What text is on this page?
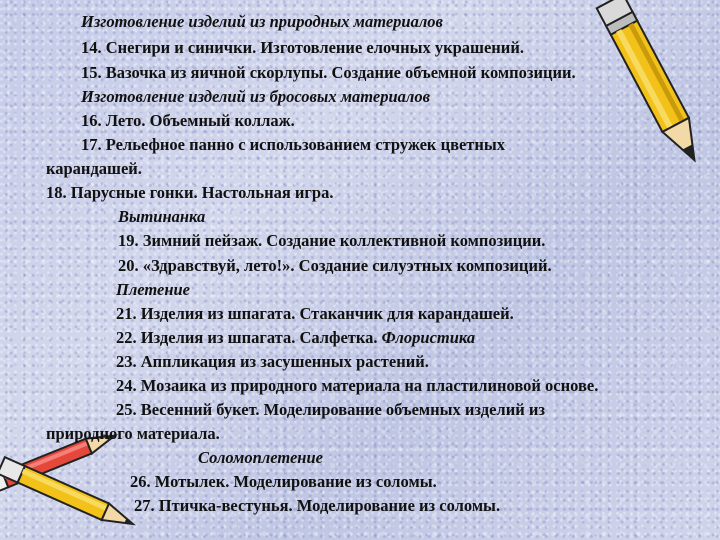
Изготовление изделий из природных материалов

14. Снегири и синички. Изготовление елочных украшений.

15. Вазочка из яичной скорлупы. Создание объемной композиции.

Изготовление изделий из бросовых материалов

16. Лето. Объемный коллаж.

17. Рельефное панно с использованием стружек цветных

карандашей.

18. Парусные гонки. Настольная игра.

Вытинанка

19. Зимний пейзаж. Создание коллективной композиции.

20. «Здравствуй, лето!». Создание силуэтных композиций.

Плетение

21. Изделия из шпагата. Стаканчик для карандашей.

22. Изделия из шпагата. Салфетка. Флористика

23. Аппликация из засушенных растений.

24. Мозаика из природного материала на пластилиновой основе.

25. Весенний букет. Моделирование объемных изделий из

природного материала.

Соломоплетение

26. Мотылек. Моделирование из соломы.

27. Птичка-вестунья. Моделирование из соломы.
